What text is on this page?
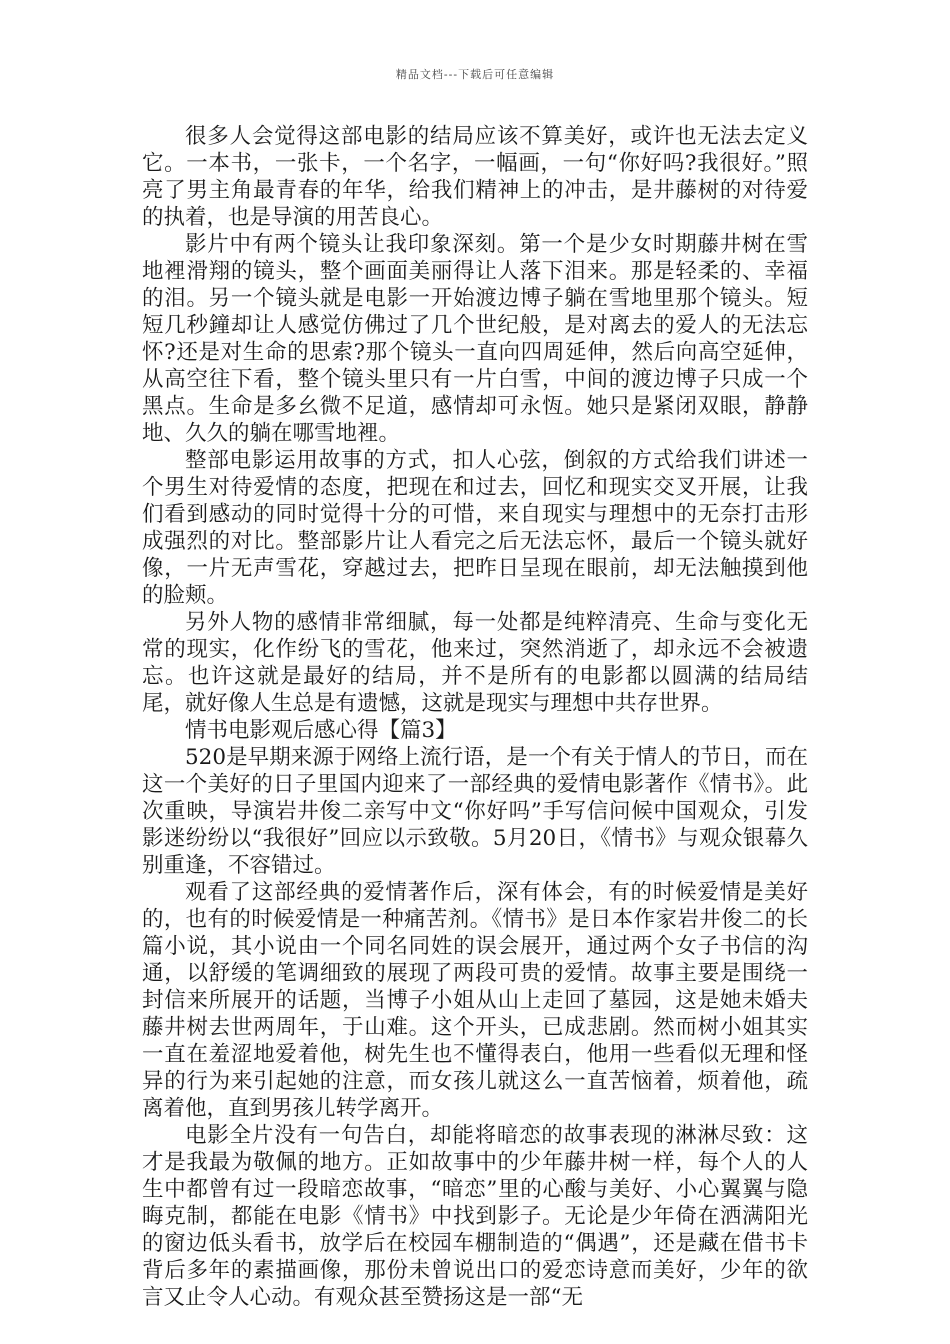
精品文档---下载后可任意编辑

很多人会觉得这部电影的结局应该不算美好，或许也无法去定义它。一本书，一张卡，一个名字，一幅画，一句“你好吗?我很好。”照亮了男主角最青春的年华，给我们精神上的冲击，是井藤树的对待爱的执着，也是导演的用苦良心。

影片中有两个镜头让我印象深刻。第一个是少女时期藤井树在雪地裡滑翔的镜头，整个画面美丽得让人落下泪来。那是轻柔的、幸福的泪。另一个镜头就是电影一开始渡边博子躺在雪地里那个镜头。短短几秒鐘却让人感觉仿佛过了几个世纪般，是对离去的爱人的无法忘怀?还是对生命的思索?那个镜头一直向四周延伸，然后向高空延伸，从高空往下看，整个镜头里只有一片白雪，中间的渡边博子只成一个黑点。生命是多幺微不足道，感情却可永恆。她只是紧闭双眼，静静地、久久的躺在哪雪地裡。

整部电影运用故事的方式，扣人心弦，倒叙的方式给我们讲述一个男生对待爱情的态度，把现在和过去，回忆和现实交叉开展，让我们看到感动的同时觉得十分的可惜，来自现实与理想中的无奈打击形成强烈的对比。整部影片让人看完之后无法忘怀，最后一个镜头就好像，一片无声雪花，穿越过去，把昨日呈现在眼前，却无法触摸到他的脸颊。

另外人物的感情非常细腻，每一处都是纯粹清亮、生命与变化无常的现实，化作纷飞的雪花，他来过，突然消逝了，却永远不会被遗忘。也许这就是最好的结局，并不是所有的电影都以圆满的结局结尾，就好像人生总是有遗憾，这就是现实与理想中共存世界。

情书电影观后感心得【篇3】

520是早期来源于网络上流行语，是一个有关于情人的节日，而在这一个美好的日子里国内迎来了一部经典的爱情电影著作《情书》。此次重映，导演岩井俊二亲写中文“你好吗”手写信问候中国观众，引发影迷纷纷以“我很好”回应以示致敬。5月20日，《情书》与观众银幕久别重逢，不容错过。

观看了这部经典的爱情著作后，深有体会，有的时候爱情是美好的，也有的时候爱情是一种痛苦剂。《情书》是日本作家岩井俊二的长篇小说，其小说由一个同名同姓的误会展开，通过两个女子书信的沟通，以舒缓的笔调细致的展现了两段可贵的爱情。故事主要是围绕一封信来所展开的话题，当博子小姐从山上走回了墓园，这是她未婚夫藤井树去世两周年，于山难。这个开头，已成悲剧。然而树小姐其实一直在羞涩地爱着他，树先生也不懂得表白，他用一些看似无理和怪异的行为来引起她的注意，而女孩儿就这么一直苦恼着，烦着他，疏离着他，直到男孩儿转学离开。

电影全片没有一句告白，却能将暗恋的故事表现的淋淋尽致：这才是我最为敬佩的地方。正如故事中的少年藤井树一样，每个人的人生中都曾有过一段暗恋故事，“暗恋”里的心酸与美好、小心翼翼与隐晦克制，都能在电影《情书》中找到影子。无论是少年倚在洒满阳光的窗边低头看书，放学后在校园车棚制造的“偶遇”，还是藏在借书卡背后多年的素描画像，那份未曾说出口的爱恋诗意而美好，少年的欲言又止令人心动。有观众甚至赞扬这是一部“无
